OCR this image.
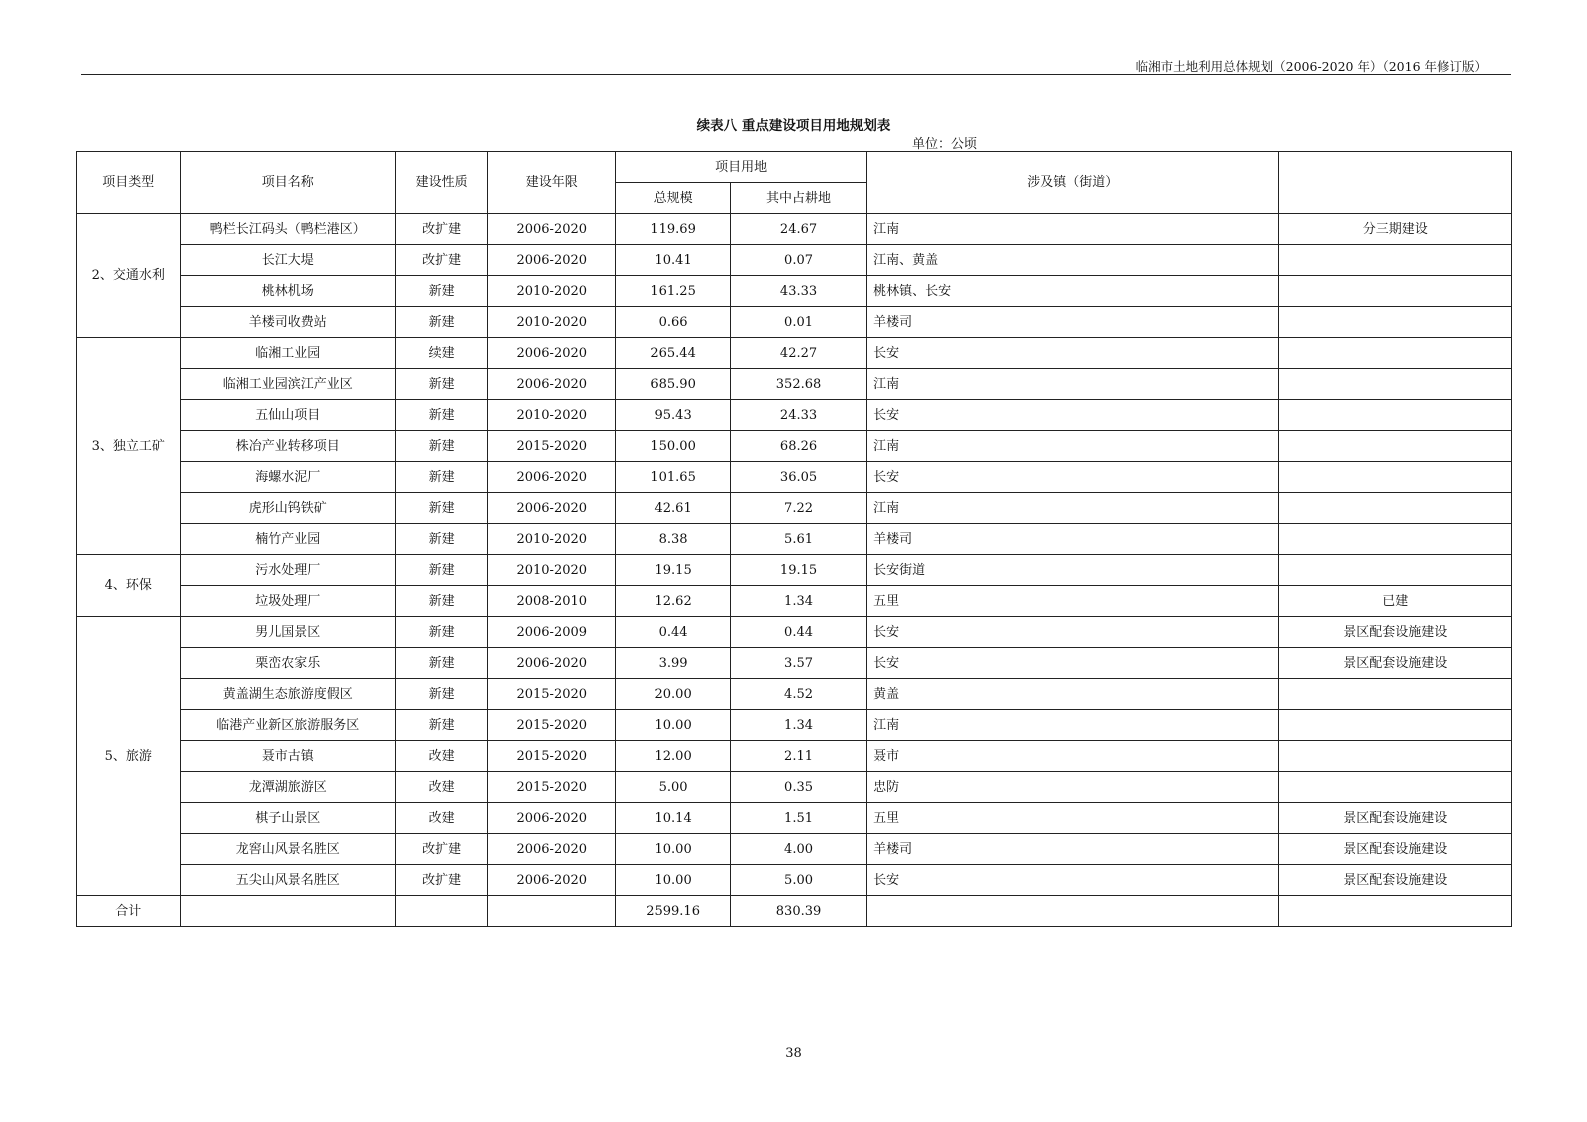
临湘市土地利用总体规划（2006-2020 年）（2016 年修订版）
续表八 重点建设项目用地规划表
单位：公顷
项目类型	项目名称	建设性质	建设年限	项目用地		涉及镇（街道）	
				总规模	其中占耕地		
2、交通水利	鸭栏长江码头（鸭栏港区）	改扩建	2006-2020	119.69	24.67	江南	分三期建设
	长江大堤	改扩建	2006-2020	10.41	0.07	江南、黄盖	
	桃林机场	新建	2010-2020	161.25	43.33	桃林镇、长安	
	羊楼司收费站	新建	2010-2020	0.66	0.01	羊楼司	
3、独立工矿	临湘工业园	续建	2006-2020	265.44	42.27	长安	
	临湘工业园滨江产业区	新建	2006-2020	685.90	352.68	江南	
	五仙山项目	新建	2010-2020	95.43	24.33	长安	
	株冶产业转移项目	新建	2015-2020	150.00	68.26	江南	
	海螺水泥厂	新建	2006-2020	101.65	36.05	长安	
	虎形山钨铁矿	新建	2006-2020	42.61	7.22	江南	
	楠竹产业园	新建	2010-2020	8.38	5.61	羊楼司	
4、环保	污水处理厂	新建	2010-2020	19.15	19.15	长安街道	
	垃圾处理厂	新建	2008-2010	12.62	1.34	五里	已建
5、旅游	男儿国景区	新建	2006-2009	0.44	0.44	长安	景区配套设施建设
	栗峦农家乐	新建	2006-2020	3.99	3.57	长安	景区配套设施建设
	黄盖湖生态旅游度假区	新建	2015-2020	20.00	4.52	黄盖	
	临港产业新区旅游服务区	新建	2015-2020	10.00	1.34	江南	
	聂市古镇	改建	2015-2020	12.00	2.11	聂市	
	龙潭湖旅游区	改建	2015-2020	5.00	0.35	忠防	
	棋子山景区	改建	2006-2020	10.14	1.51	五里	景区配套设施建设
	龙窖山风景名胜区	改扩建	2006-2020	10.00	4.00	羊楼司	景区配套设施建设
	五尖山风景名胜区	改扩建	2006-2020	10.00	5.00	长安	景区配套设施建设
合计				2599.16	830.39		
38
